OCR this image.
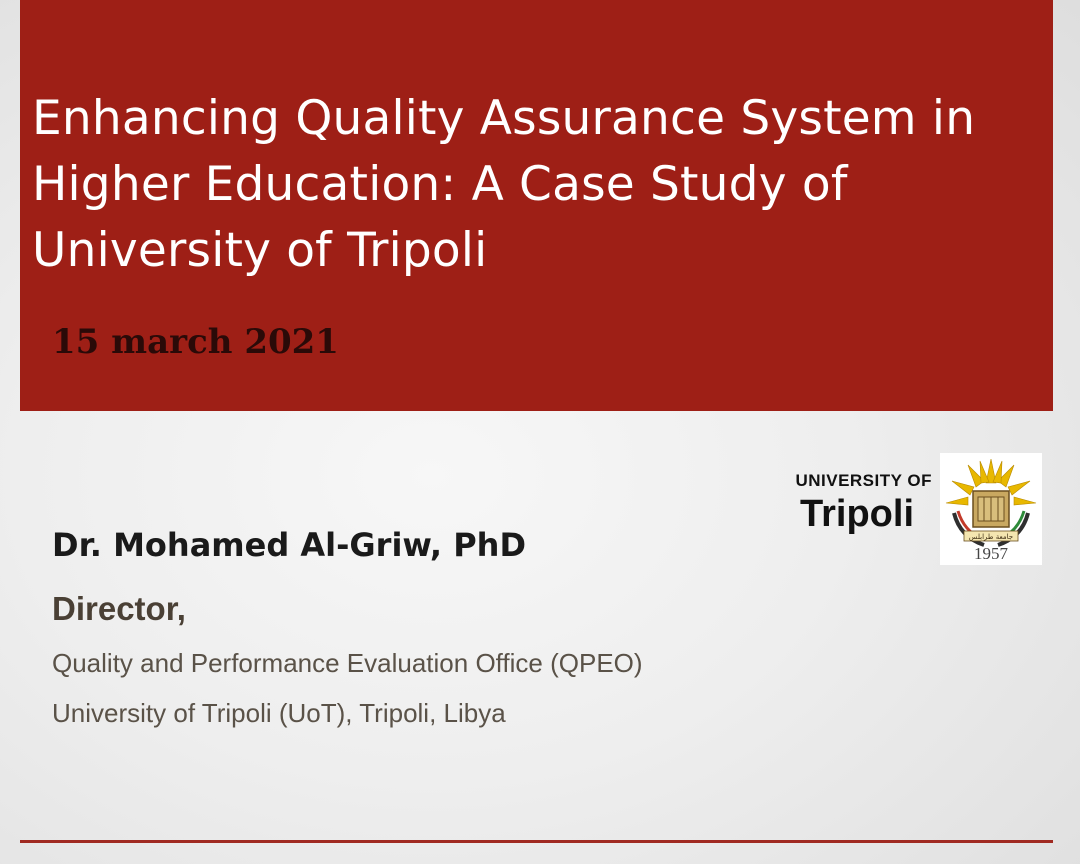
Enhancing Quality Assurance System in Higher Education: A Case Study of University of Tripoli
15 march 2021
UNIVERSITY OF
Tripoli
جامعة طرابلس
1957
Dr. Mohamed Al-Griw, PhD
Director,
Quality and Performance Evaluation Office (QPEO)
University of Tripoli (UoT), Tripoli, Libya
